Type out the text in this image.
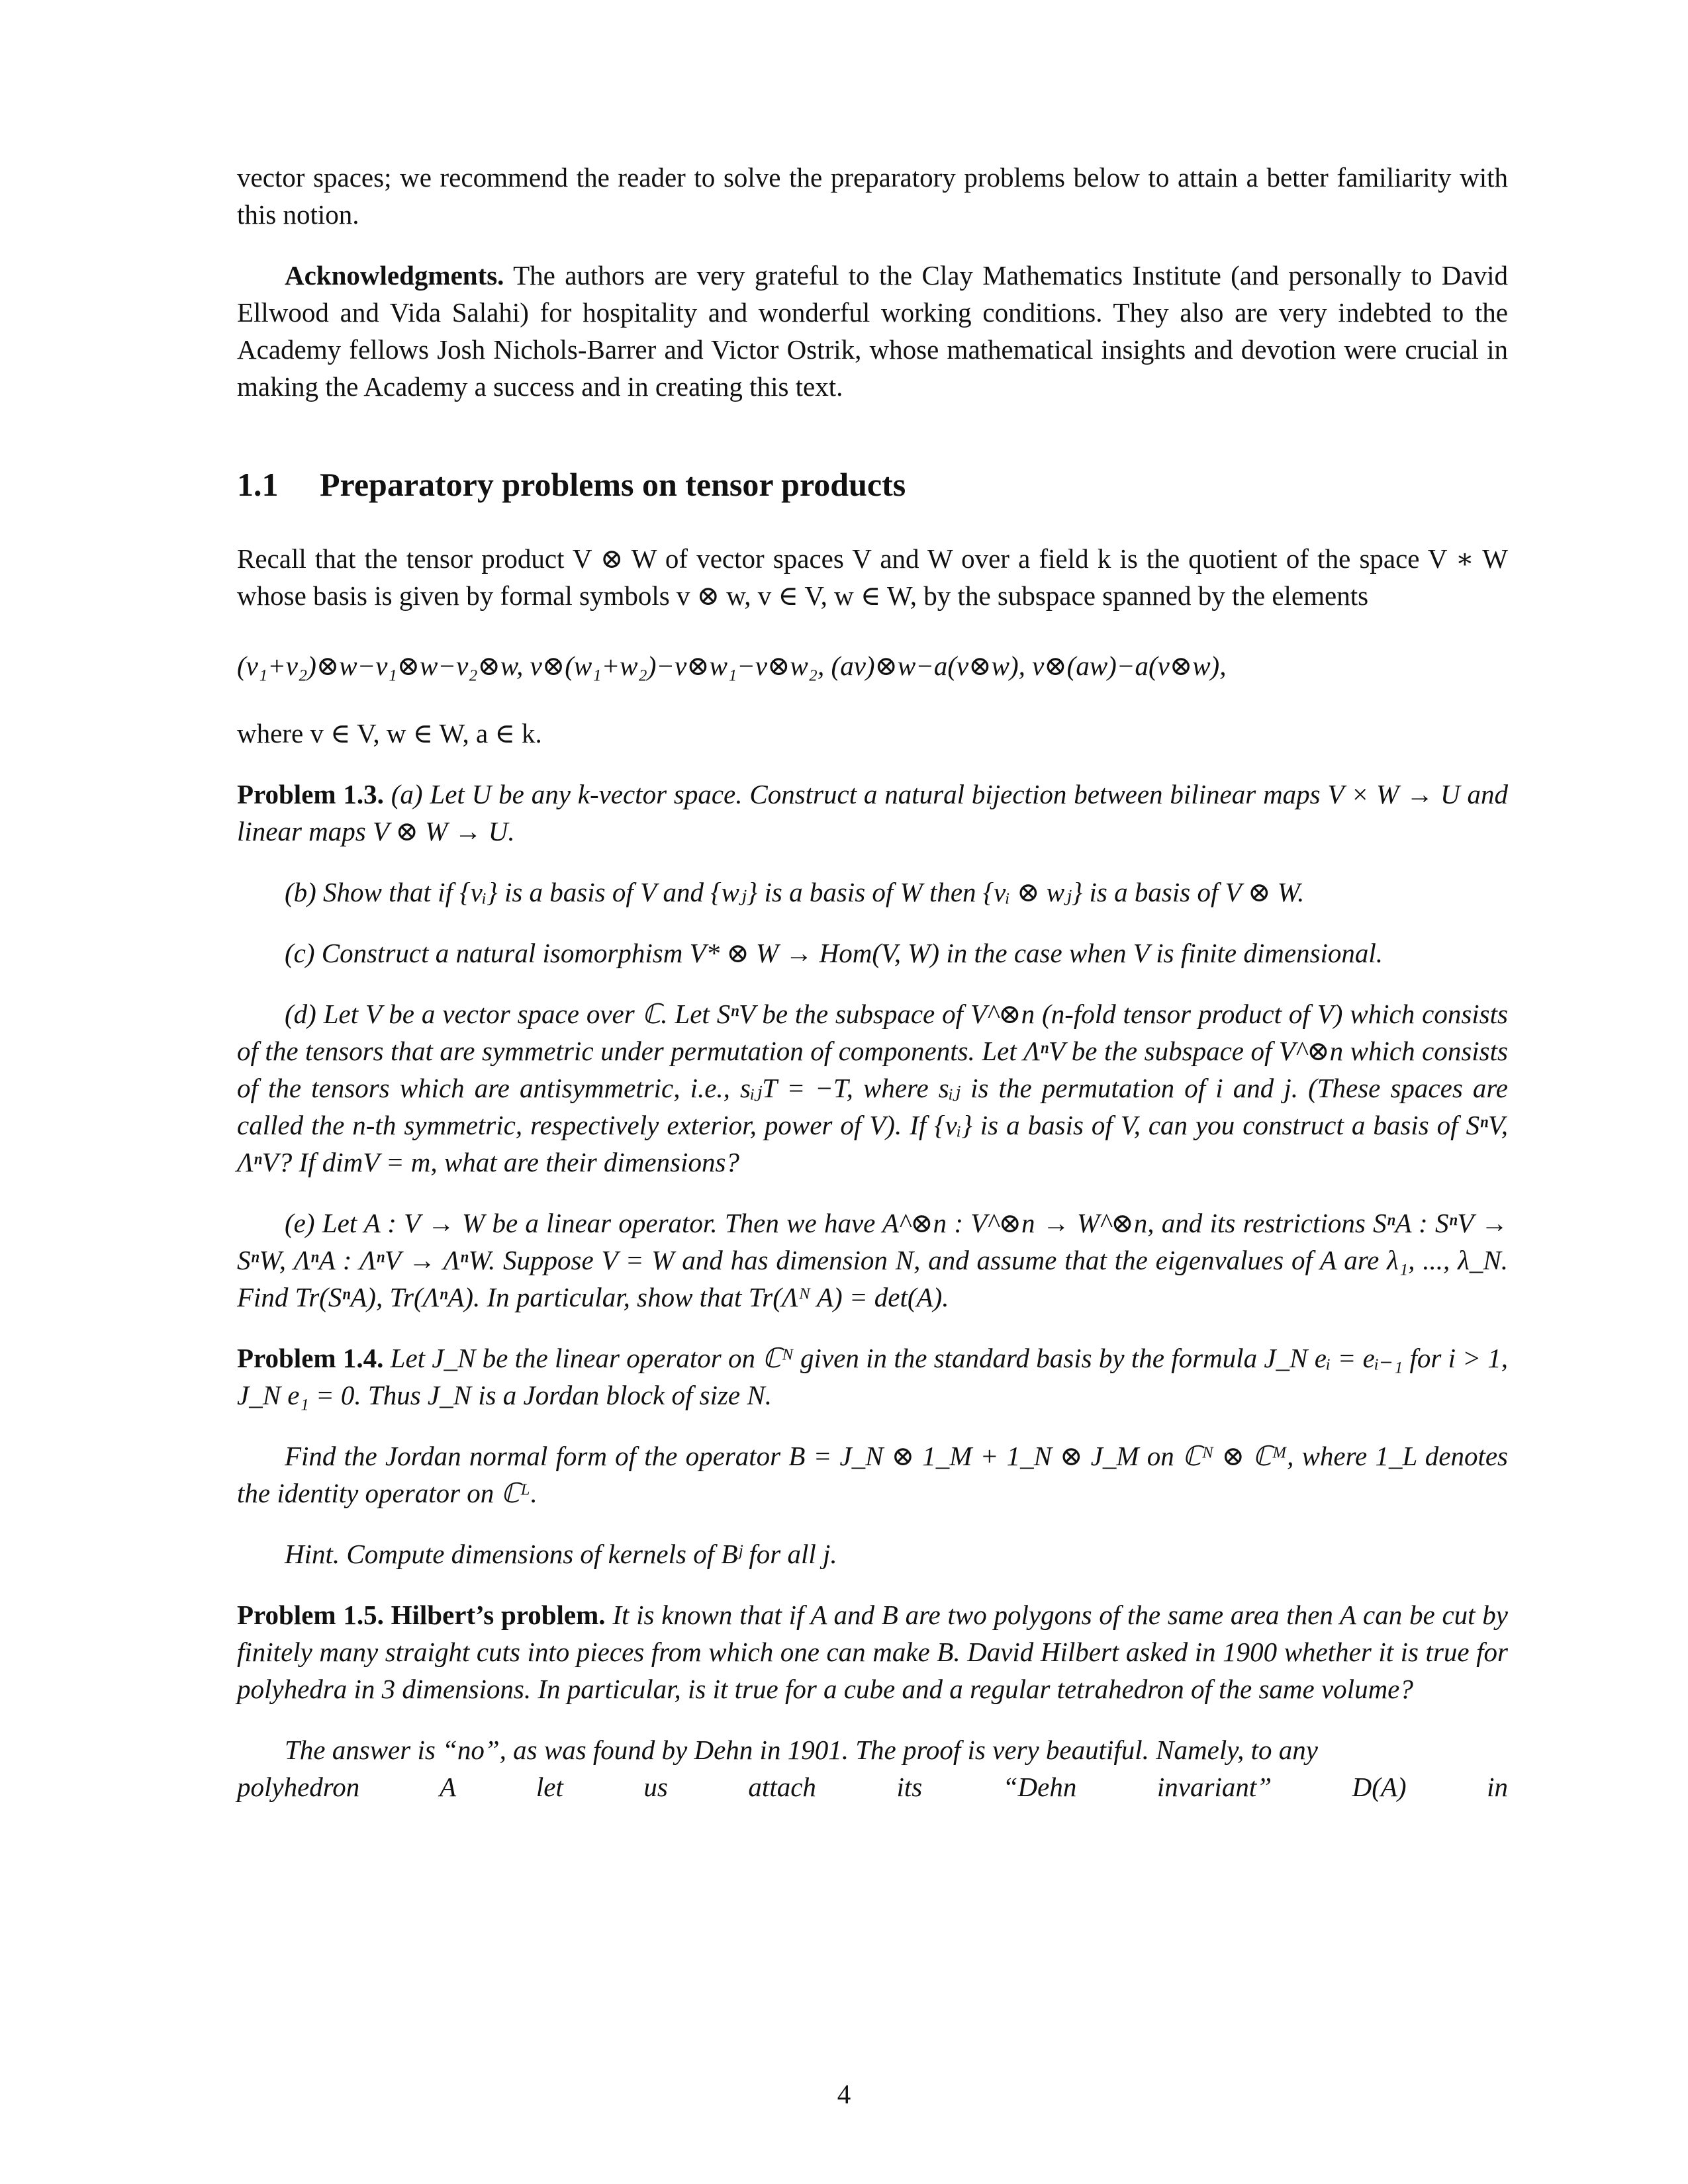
vector spaces; we recommend the reader to solve the preparatory problems below to attain a better familiarity with this notion.

Acknowledgments. The authors are very grateful to the Clay Mathematics Institute (and personally to David Ellwood and Vida Salahi) for hospitality and wonderful working conditions. They also are very indebted to the Academy fellows Josh Nichols-Barrer and Victor Ostrik, whose mathematical insights and devotion were crucial in making the Academy a success and in creating this text.

1.1 Preparatory problems on tensor products

Recall that the tensor product V ⊗ W of vector spaces V and W over a field k is the quotient of the space V ∗ W whose basis is given by formal symbols v ⊗ w, v ∈ V, w ∈ W, by the subspace spanned by the elements

(v₁+v₂)⊗w−v₁⊗w−v₂⊗w, v⊗(w₁+w₂)−v⊗w₁−v⊗w₂, (av)⊗w−a(v⊗w), v⊗(aw)−a(v⊗w),

where v ∈ V, w ∈ W, a ∈ k.

Problem 1.3. (a) Let U be any k-vector space. Construct a natural bijection between bilinear maps V × W → U and linear maps V ⊗ W → U.

(b) Show that if {vᵢ} is a basis of V and {wⱼ} is a basis of W then {vᵢ ⊗ wⱼ} is a basis of V ⊗ W.

(c) Construct a natural isomorphism V* ⊗ W → Hom(V, W) in the case when V is finite dimensional.

(d) Let V be a vector space over ℂ. Let SⁿV be the subspace of V^⊗n (n-fold tensor product of V) which consists of the tensors that are symmetric under permutation of components. Let ΛⁿV be the subspace of V^⊗n which consists of the tensors which are antisymmetric, i.e., sᵢⱼT = −T, where sᵢⱼ is the permutation of i and j. (These spaces are called the n-th symmetric, respectively exterior, power of V). If {vᵢ} is a basis of V, can you construct a basis of SⁿV, ΛⁿV? If dimV = m, what are their dimensions?

(e) Let A : V → W be a linear operator. Then we have A^⊗n : V^⊗n → W^⊗n, and its restrictions SⁿA : SⁿV → SⁿW, ΛⁿA : ΛⁿV → ΛⁿW. Suppose V = W and has dimension N, and assume that the eigenvalues of A are λ₁, ..., λ_N. Find Tr(SⁿA), Tr(ΛⁿA). In particular, show that Tr(Λᴺ A) = det(A).

Problem 1.4. Let J_N be the linear operator on ℂᴺ given in the standard basis by the formula J_N eᵢ = eᵢ₋₁ for i > 1, J_N e₁ = 0. Thus J_N is a Jordan block of size N.

Find the Jordan normal form of the operator B = J_N ⊗ 1_M + 1_N ⊗ J_M on ℂᴺ ⊗ ℂᴹ, where 1_L denotes the identity operator on ℂᴸ.

Hint. Compute dimensions of kernels of Bʲ for all j.

Problem 1.5. Hilbert’s problem. It is known that if A and B are two polygons of the same area then A can be cut by finitely many straight cuts into pieces from which one can make B. David Hilbert asked in 1900 whether it is true for polyhedra in 3 dimensions. In particular, is it true for a cube and a regular tetrahedron of the same volume?

The answer is “no”, as was found by Dehn in 1901. The proof is very beautiful. Namely, to any

polyhedron A let us attach its “Dehn invariant” D(A) in

4
